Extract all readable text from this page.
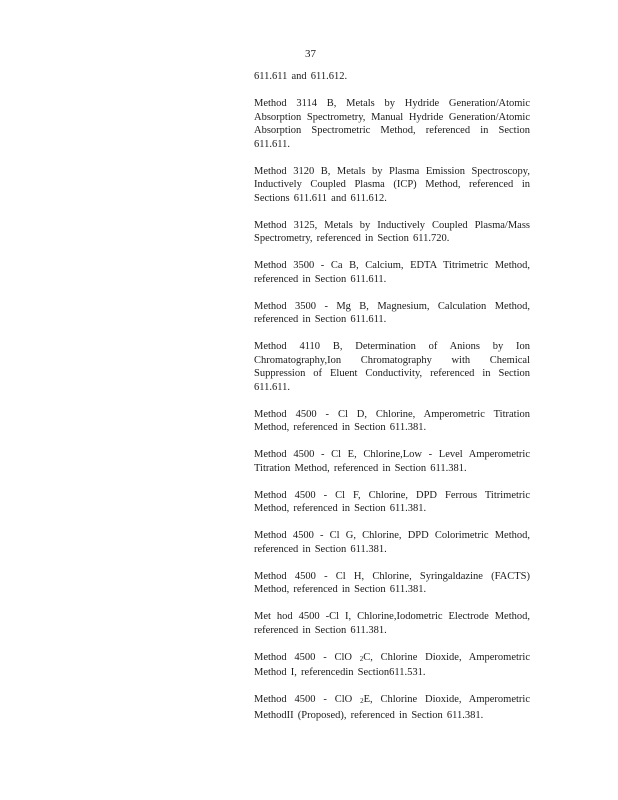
37

611.611 and 611.612.

Method 3114 B, Metals by Hydride Generation/Atomic Absorption Spectrometry, Manual Hydride Generation/Atomic Absorption Spectrometric Method, referenced in Section 611.611.

Method 3120 B, Metals by Plasma Emission Spectroscopy, Inductively Coupled Plasma (ICP) Method, referenced in Sections 611.611 and 611.612.

Method 3125, Metals by Inductively Coupled Plasma/Mass Spectrometry, referenced in Section 611.720.

Method 3500 - Ca B, Calcium, EDTA Titrimetric Method, referenced in Section 611.611.

Method 3500 - Mg B, Magnesium, Calculation Method, referenced in Section 611.611.

Method 4110 B, Determination of Anions by Ion Chromatography,Ion Chromatography with Chemical Suppression of Eluent Conductivity, referenced in Section 611.611.

Method 4500 - Cl D, Chlorine, Amperometric Titration Method, referenced in Section 611.381.

Method 4500 - Cl E, Chlorine,Low - Level Amperometric Titration Method, referenced in Section 611.381.

Method 4500 - Cl F, Chlorine, DPD Ferrous Titrimetric Method, referenced in Section 611.381.

Method 4500 - Cl G, Chlorine, DPD Colorimetric Method, referenced in Section 611.381.

Method 4500 - Cl H, Chlorine, Syringaldazine (FACTS) Method, referenced in Section 611.381.

Met hod 4500 -Cl I, Chlorine,Iodometric Electrode Method, referenced in Section 611.381.

Method 4500 - ClO 2C, Chlorine Dioxide, Amperometric Method I, referencedin Section611.531.

Method 4500 - ClO 2E, Chlorine Dioxide, Amperometric MethodII (Proposed), referenced in Section 611.381.
